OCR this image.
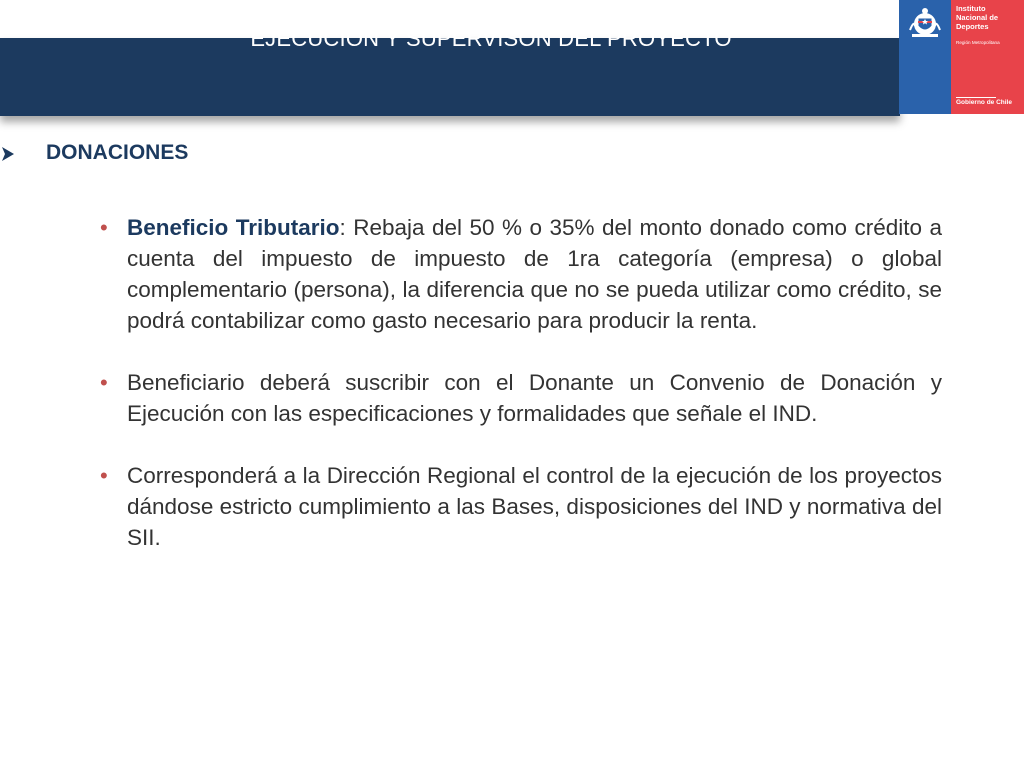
EJECUCIÓN Y SUPERVISÓN DEL PROYECTO
Instituto
Nacional de
Deportes
Región Metropolitana
Gobierno de Chile
DONACIONES
• Beneficio Tributario: Rebaja del 50 % o 35% del monto donado como crédito a cuenta del impuesto de impuesto de 1ra categoría (empresa) o global complementario (persona), la diferencia que no se pueda utilizar como crédito, se podrá contabilizar como gasto necesario para producir la renta.
• Beneficiario deberá suscribir con el Donante un Convenio de Donación y Ejecución con las especificaciones y formalidades que señale el IND.
• Corresponderá a la Dirección Regional el control de la ejecución de los proyectos dándose estricto cumplimiento a las Bases, disposiciones del IND y normativa del SII.
